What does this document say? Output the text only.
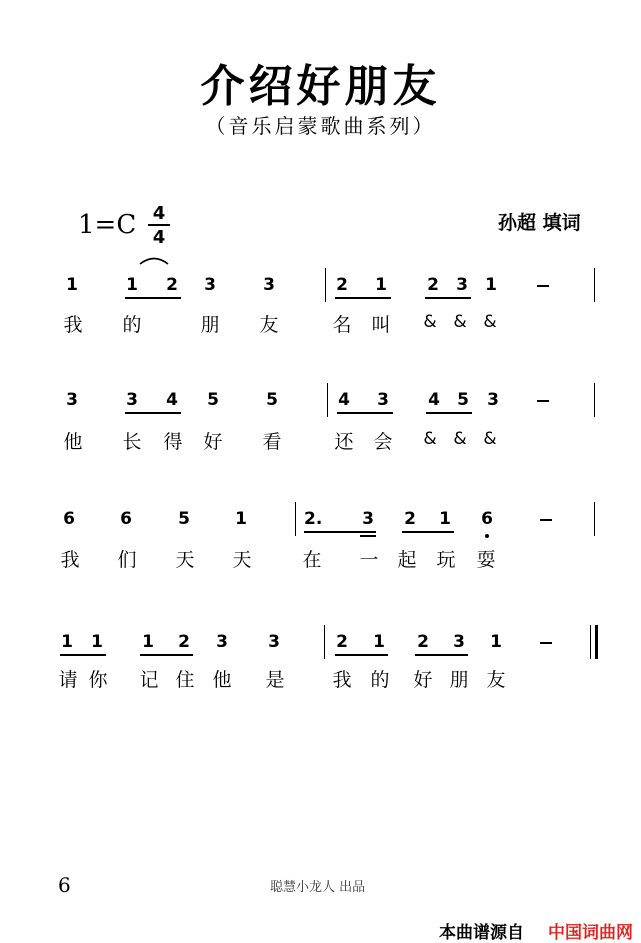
介绍好朋友
（音乐启蒙歌曲系列）
1=C 4
4
孙超 填词
1	1 2 3	3	2 1 2 3 1
我 的	朋 友	名 叫 & & &
3	3 4 5	5	4 3 4 5 3
他 长 得 好 看	还 会 & & &
6	6	5	1	2.	3 2 1 6
我 们 天 天	在 一 起 玩 耍
1 1 1 2 3 3	2 1 2 3 1
请 你 记 住 他 是	我 的 好 朋 友
6	聪慧小龙人 出品
本曲谱源自 中国词曲网
